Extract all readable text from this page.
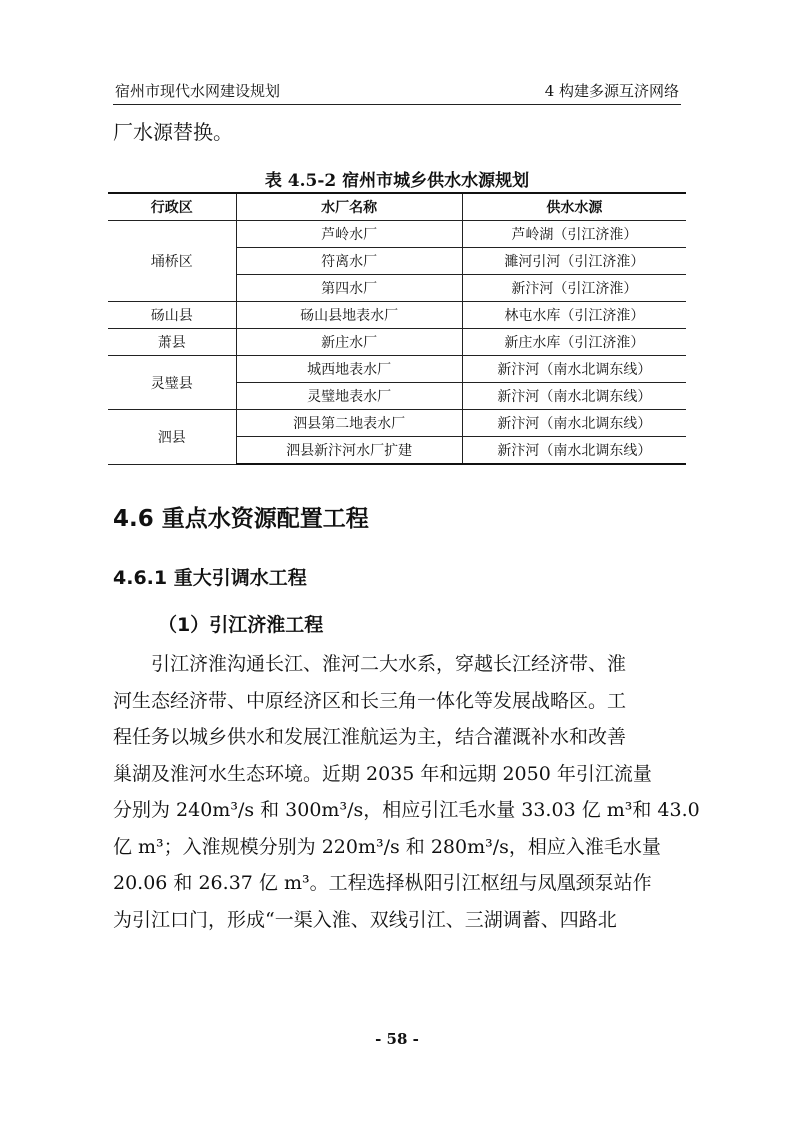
宿州市现代水网建设规划	4 构建多源互济网络

厂水源替换。

表 4.5-2 宿州市城乡供水水源规划

行政区	水厂名称	供水水源
埇桥区	芦岭水厂	芦岭湖（引江济淮）
	符离水厂	濉河引河（引江济淮）
	第四水厂	新汴河（引江济淮）
砀山县	砀山县地表水厂	林屯水库（引江济淮）
萧县	新庄水厂	新庄水库（引江济淮）
灵璧县	城西地表水厂	新汴河（南水北调东线）
	灵璧地表水厂	新汴河（南水北调东线）
泗县	泗县第二地表水厂	新汴河（南水北调东线）
	泗县新汴河水厂扩建	新汴河（南水北调东线）
4.6 重点水资源配置工程
4.6.1 重大引调水工程
（1）引江济淮工程

引江济淮沟通长江、淮河二大水系，穿越长江经济带、淮
河生态经济带、中原经济区和长三角一体化等发展战略区。工
程任务以城乡供水和发展江淮航运为主，结合灌溉补水和改善
巢湖及淮河水生态环境。近期 2035 年和远期 2050 年引江流量
分别为 240m³/s 和 300m³/s，相应引江毛水量 33.03 亿 m³和 43.0
亿 m³；入淮规模分别为 220m³/s 和 280m³/s，相应入淮毛水量
20.06 和 26.37 亿 m³。工程选择枞阳引江枢纽与凤凰颈泵站作
为引江口门，形成“一渠入淮、双线引江、三湖调蓄、四路北

- 58 -
